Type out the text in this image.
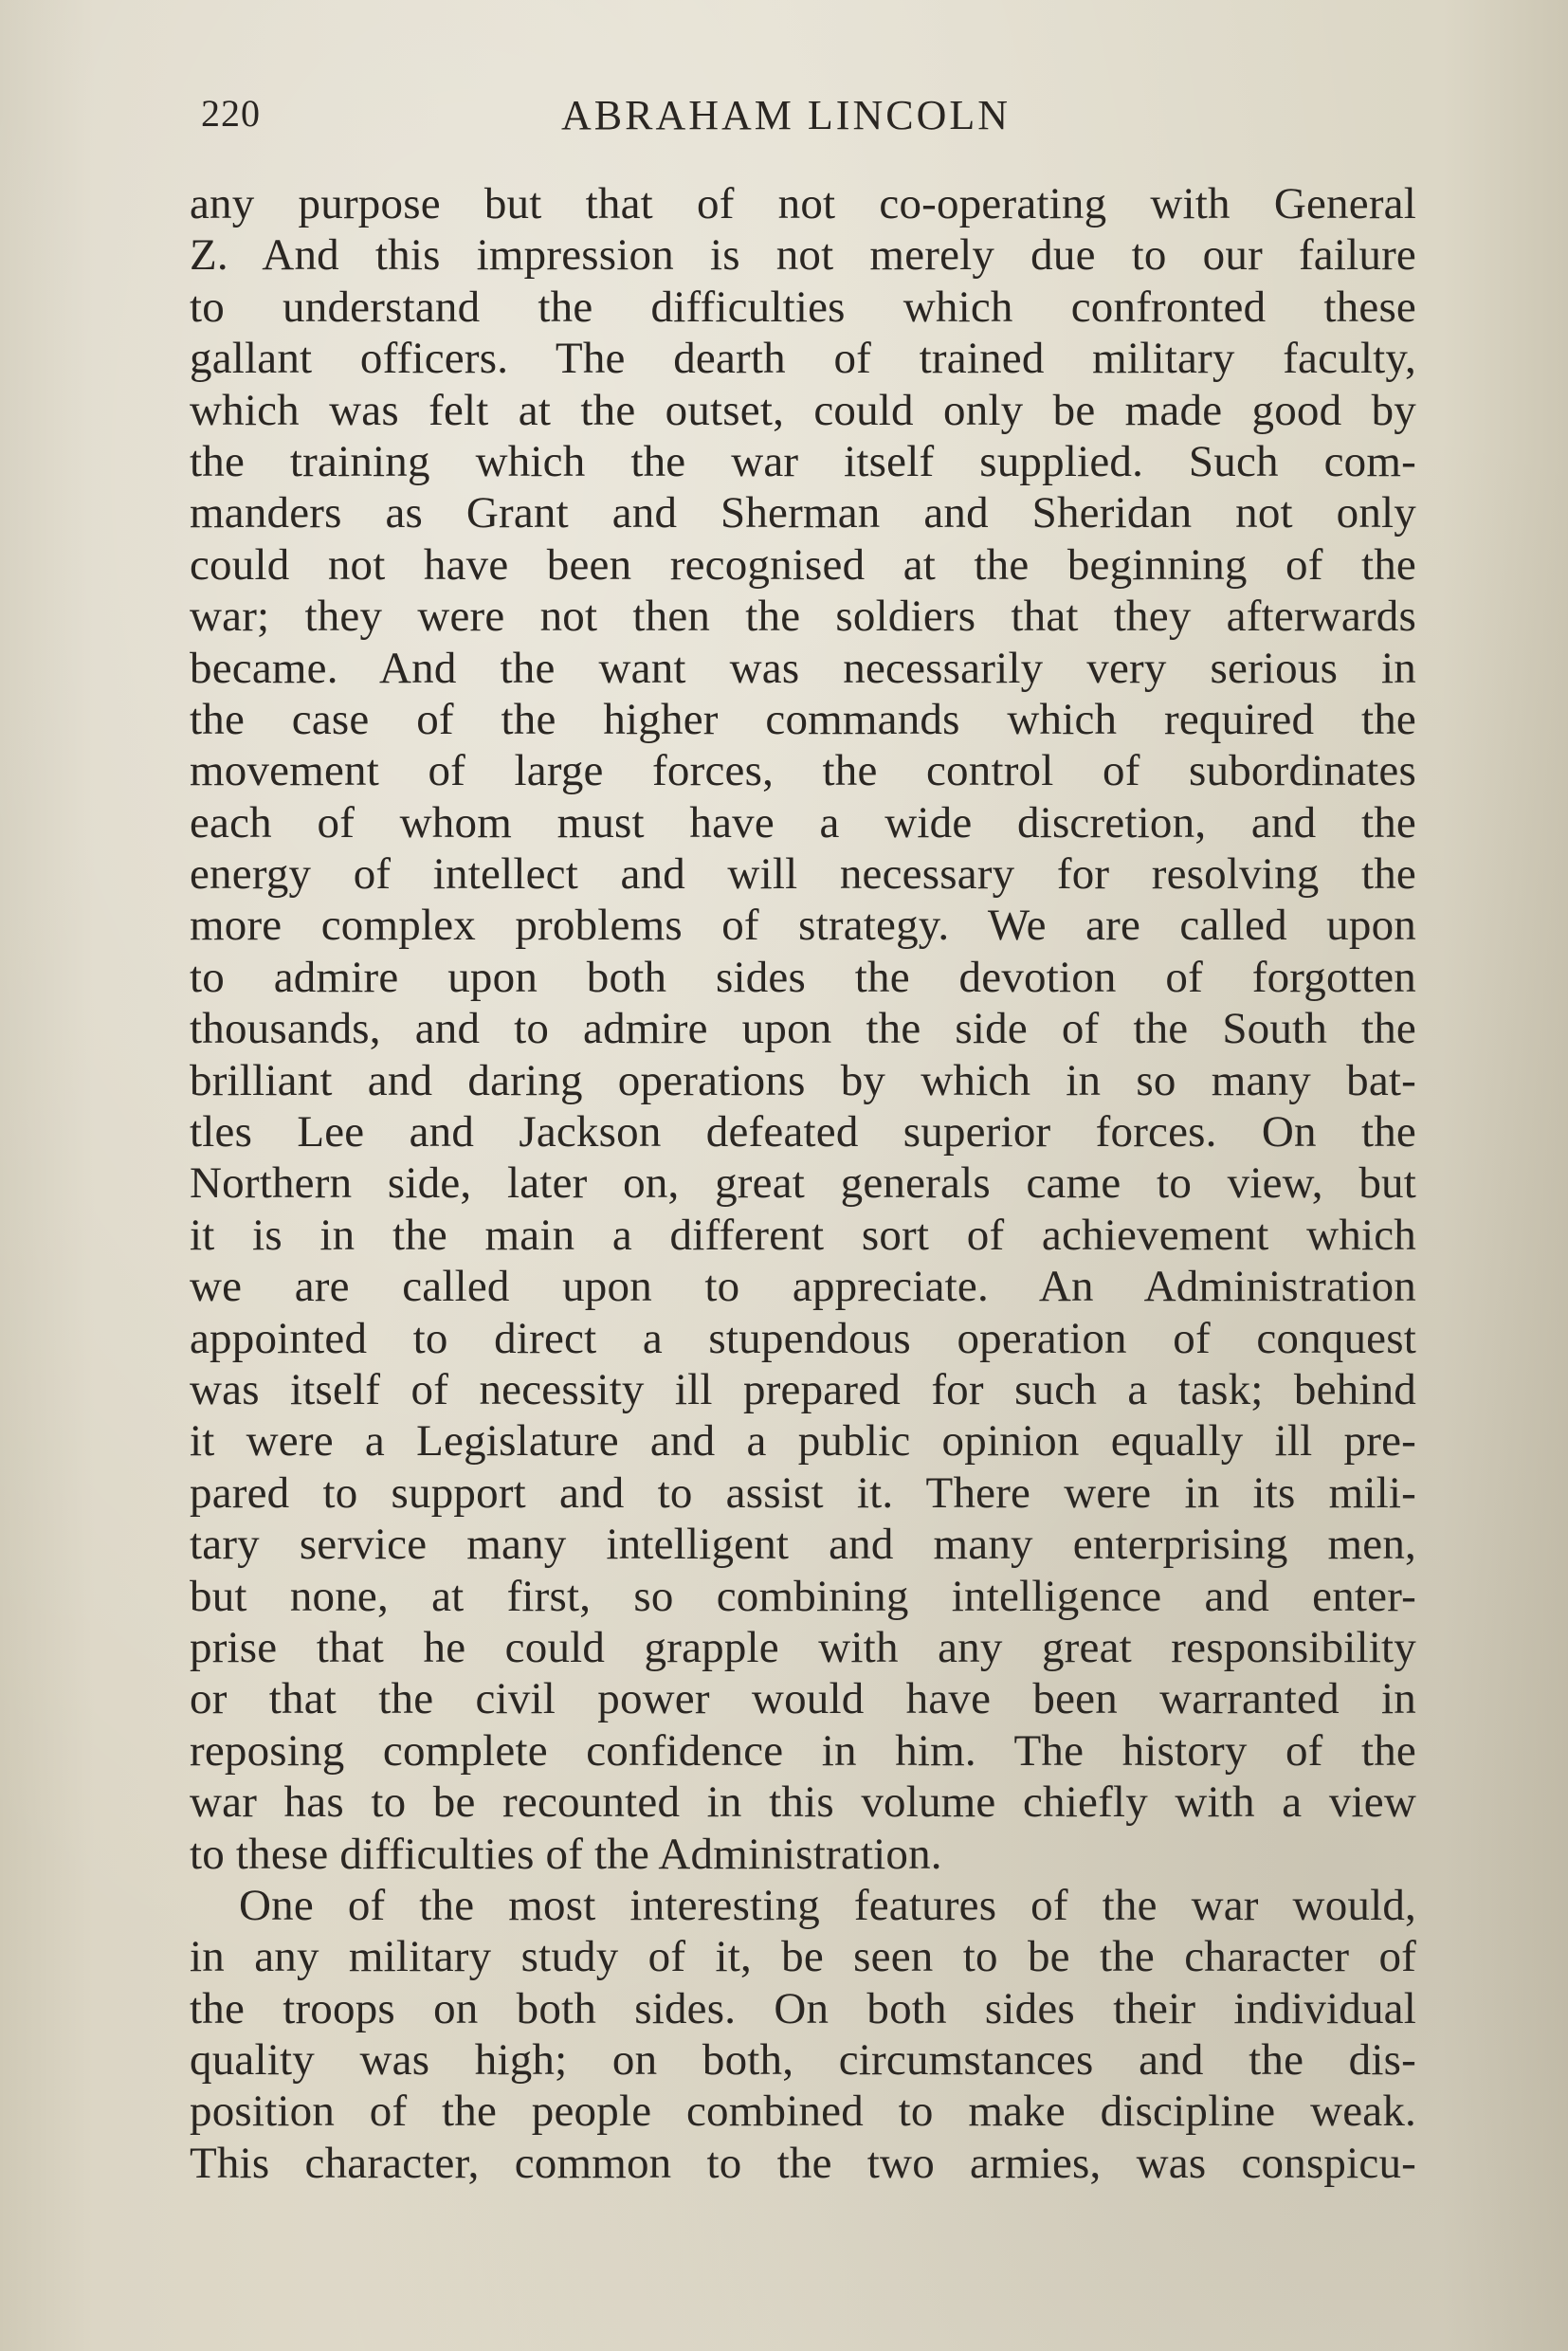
220	ABRAHAM LINCOLN
any purpose but that of not co-operating with General
Z. And this impression is not merely due to our failure
to understand the difficulties which confronted these
gallant officers. The dearth of trained military faculty,
which was felt at the outset, could only be made good by
the training which the war itself supplied. Such com-
manders as Grant and Sherman and Sheridan not only
could not have been recognised at the beginning of the
war; they were not then the soldiers that they afterwards
became. And the want was necessarily very serious in
the case of the higher commands which required the
movement of large forces, the control of subordinates
each of whom must have a wide discretion, and the
energy of intellect and will necessary for resolving the
more complex problems of strategy. We are called upon
to admire upon both sides the devotion of forgotten
thousands, and to admire upon the side of the South the
brilliant and daring operations by which in so many bat-
tles Lee and Jackson defeated superior forces. On the
Northern side, later on, great generals came to view, but
it is in the main a different sort of achievement which
we are called upon to appreciate. An Administration
appointed to direct a stupendous operation of conquest
was itself of necessity ill prepared for such a task; behind
it were a Legislature and a public opinion equally ill pre-
pared to support and to assist it. There were in its mili-
tary service many intelligent and many enterprising men,
but none, at first, so combining intelligence and enter-
prise that he could grapple with any great responsibility
or that the civil power would have been warranted in
reposing complete confidence in him. The history of the
war has to be recounted in this volume chiefly with a view
to these difficulties of the Administration.
One of the most interesting features of the war would,
in any military study of it, be seen to be the character of
the troops on both sides. On both sides their individual
quality was high; on both, circumstances and the dis-
position of the people combined to make discipline weak.
This character, common to the two armies, was conspicu-
